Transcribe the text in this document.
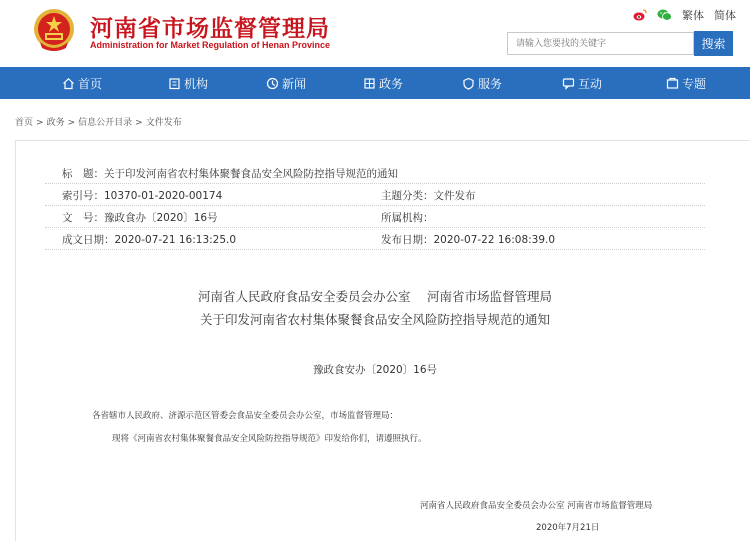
河南省市场监督管理局
Administration for Market Regulation of Henan Province
繁体 简体
请输入您要找的关键字
搜索
首页	机构	新闻	政务	服务	互动	专题
首页 > 政务 > 信息公开目录 > 文件发布
标　题：关于印发河南省农村集体聚餐食品安全风险防控指导规范的通知
索引号：10370-01-2020-00174	主题分类：文件发布
文　号：豫政食办〔2020〕16号	所属机构：
成文日期：2020-07-21 16:13:25.0	发布日期：2020-07-22 16:08:39.0
河南省人民政府食品安全委员会办公室　 河南省市场监督管理局
关于印发河南省农村集体聚餐食品安全风险防控指导规范的通知
豫政食安办〔2020〕16号
各省辖市人民政府、济源示范区管委会食品安全委员会办公室，市场监督管理局：
现将《河南省农村集体聚餐食品安全风险防控指导规范》印发给你们，请遵照执行。
河南省人民政府食品安全委员会办公室 河南省市场监督管理局
2020年7月21日
